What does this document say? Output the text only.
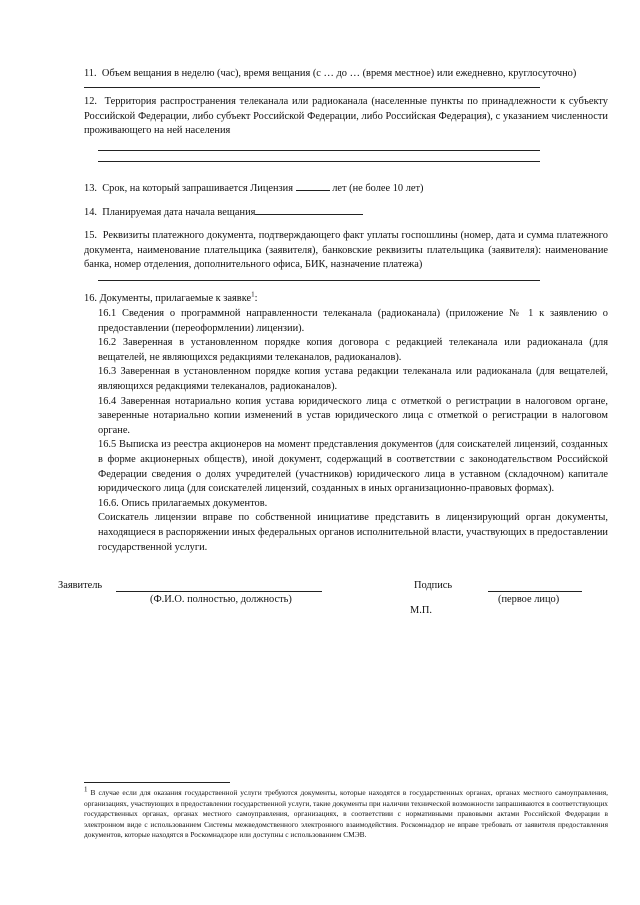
11. Объем вещания в неделю (час), время вещания (с … до … (время местное) или ежедневно, круглосуточно)
12. Территория распространения телеканала или радиоканала (населенные пункты по принадлежности к субъекту Российской Федерации, либо субъект Российской Федерации, либо Российская Федерация), с указанием численности проживающего на ней населения
13. Срок, на который запрашивается Лицензия	лет (не более 10 лет)
14. Планируемая дата начала вещания
15. Реквизиты платежного документа, подтверждающего факт уплаты госпошлины (номер, дата и сумма платежного документа, наименование плательщика (заявителя), банковские реквизиты плательщика (заявителя): наименование банка, номер отделения, дополнительного офиса, БИК, назначение платежа)
16. Документы, прилагаемые к заявке$^1$:

16.1 Сведения о программной направленности телеканала (радиоканала) (приложение № 1 к заявлению о предоставлении (переоформлении) лицензии).

16.2 Заверенная в установленном порядке копия договора с редакцией телеканала или радиоканала (для вещателей, не являющихся редакциями телеканалов, радиоканалов).

16.3 Заверенная в установленном порядке копия устава редакции телеканала или радиоканала (для вещателей, являющихся редакциями телеканалов, радиоканалов).

16.4 Заверенная нотариально копия устава юридического лица с отметкой о регистрации в налоговом органе, заверенные нотариально копии изменений в устав юридического лица с отметкой о регистрации в налоговом органе.

16.5 Выписка из реестра акционеров на момент представления документов (для соискателей лицензий, созданных в форме акционерных обществ), иной документ, содержащий в соответствии с законодательством Российской Федерации сведения о долях учредителей (участников) юридического лица в уставном (складочном) капитале юридического лица (для соискателей лицензий, созданных в иных организационно-правовых формах).

16.6. Опись прилагаемых документов.

Соискатель лицензии вправе по собственной инициативе представить в лицензирующий орган документы, находящиеся в распоряжении иных федеральных органов исполнительной власти, участвующих в предоставлении государственной услуги.

Заявитель
(Ф.И.О. полностью, должность)
Подпись
(первое лицо)
М.П.
$^1$ В случае если для оказания государственной услуги требуются документы, которые находятся в государственных органах, органах местного самоуправления, организациях, участвующих в предоставлении государственной услуги, такие документы при наличии технической возможности запрашиваются в соответствующих государственных органах, органах местного самоуправления, организациях, в соответствии с нормативными правовыми актами Российской Федерации в электронном виде с использованием Системы межведомственного электронного взаимодействия. Роскомнадзор не вправе требовать от заявителя предоставления документов, которые находятся в Роскомнадзоре или доступны с использованием СМЭВ.
